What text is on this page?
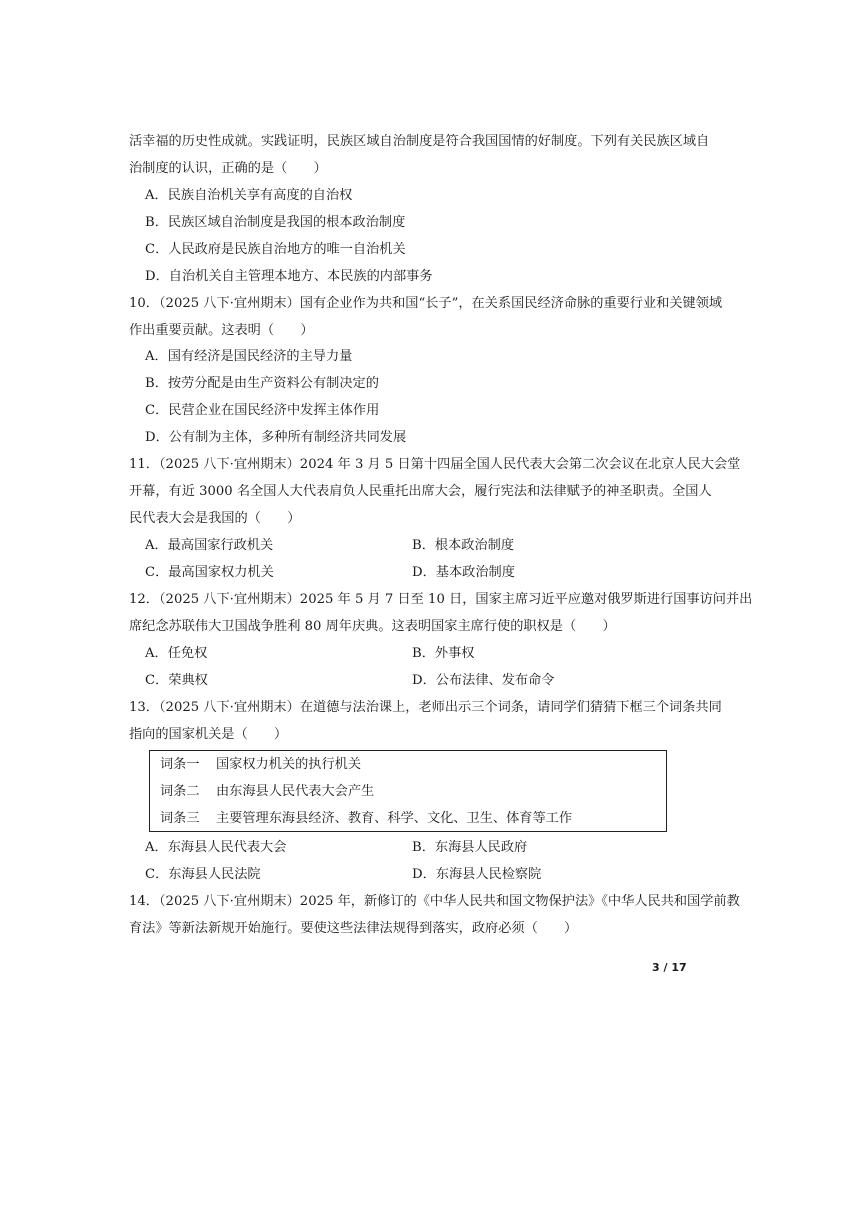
活幸福的历史性成就。实践证明，民族区域自治制度是符合我国国情的好制度。下列有关民族区域自
治制度的认识，正确的是（　　）
A．民族自治机关享有高度的自治权
B．民族区域自治制度是我国的根本政治制度
C．人民政府是民族自治地方的唯一自治机关
D．自治机关自主管理本地方、本民族的内部事务
10．（2025 八下·宜州期末）国有企业作为共和国“长子”，在关系国民经济命脉的重要行业和关键领域
作出重要贡献。这表明（　　）
A．国有经济是国民经济的主导力量
B．按劳分配是由生产资料公有制决定的
C．民营企业在国民经济中发挥主体作用
D．公有制为主体，多种所有制经济共同发展
11．（2025 八下·宜州期末）2024 年 3 月 5 日第十四届全国人民代表大会第二次会议在北京人民大会堂
开幕，有近 3000 名全国人大代表肩负人民重托出席大会，履行宪法和法律赋予的神圣职责。全国人
民代表大会是我国的（　　）
A．最高国家行政机关	B．根本政治制度
C．最高国家权力机关	D．基本政治制度
12．（2025 八下·宜州期末）2025 年 5 月 7 日至 10 日，国家主席习近平应邀对俄罗斯进行国事访问并出
席纪念苏联伟大卫国战争胜利 80 周年庆典。这表明国家主席行使的职权是（　　）
A．任免权	B．外事权
C．荣典权	D．公布法律、发布命令
13．（2025 八下·宜州期末）在道德与法治课上，老师出示三个词条，请同学们猜猜下框三个词条共同
指向的国家机关是（　　）
词条一 国家权力机关的执行机关
词条二 由东海县人民代表大会产生
词条三 主要管理东海县经济、教育、科学、文化、卫生、体育等工作
A．东海县人民代表大会	B．东海县人民政府
C．东海县人民法院	D．东海县人民检察院
14．（2025 八下·宜州期末）2025 年，新修订的《中华人民共和国文物保护法》《中华人民共和国学前教
育法》等新法新规开始施行。要使这些法律法规得到落实，政府必须（　　）
3 / 17
